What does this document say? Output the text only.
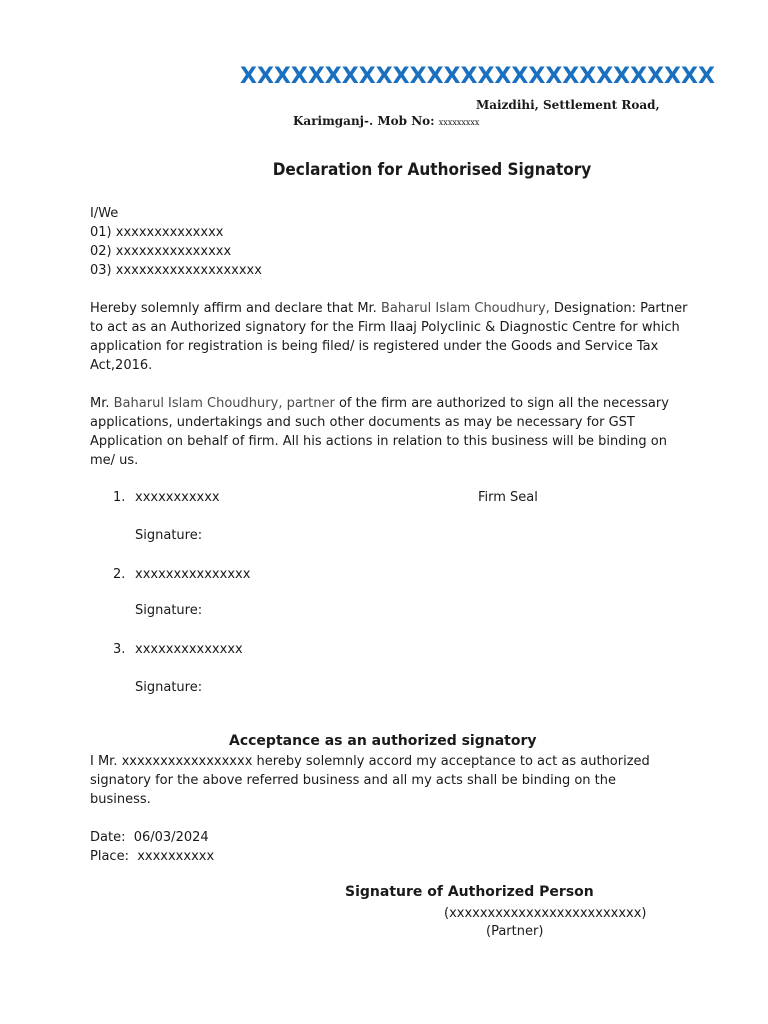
XXXXXXXXXXXXXXXXXXXXXXXXXXXX
Maizdihi, Settlement Road,
Karimganj-. Mob No: xxxxxxxxx
Declaration for Authorised Signatory
I/We
01) xxxxxxxxxxxxxx
02) xxxxxxxxxxxxxxx
03) xxxxxxxxxxxxxxxxxxx
Hereby solemnly affirm and declare that Mr. Baharul Islam Choudhury, Designation: Partner to act as an Authorized signatory for the Firm Ilaaj Polyclinic & Diagnostic Centre for which application for registration is being filed/ is registered under the Goods and Service Tax Act,2016.
Mr. Baharul Islam Choudhury, partner of the firm are authorized to sign all the necessary applications, undertakings and such other documents as may be necessary for GST Application on behalf of firm. All his actions in relation to this business will be binding on me/ us.
1. xxxxxxxxxxx	Firm Seal
Signature:
2. xxxxxxxxxxxxxxx
Signature:
3. xxxxxxxxxxxxxx
Signature:
Acceptance as an authorized signatory
I Mr. xxxxxxxxxxxxxxxxx hereby solemnly accord my acceptance to act as authorized signatory for the above referred business and all my acts shall be binding on the business.
Date: 06/03/2024
Place: xxxxxxxxxx
Signature of Authorized Person
(xxxxxxxxxxxxxxxxxxxxxxxxx)
(Partner)
